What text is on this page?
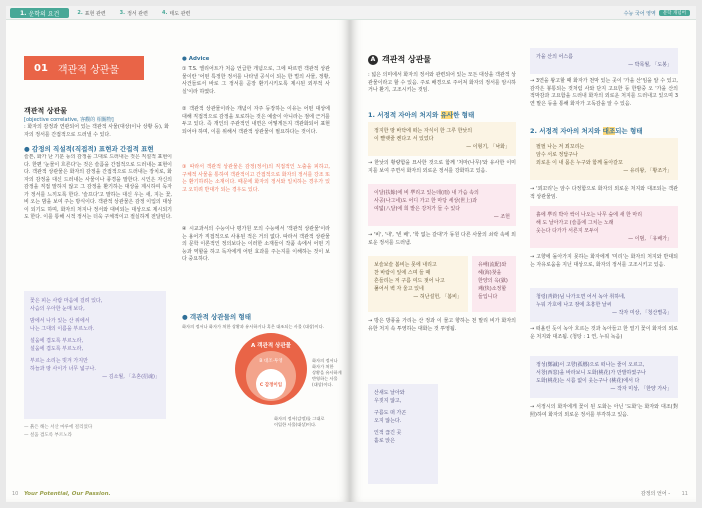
1. 운학의 요건	2. 표현 관련	3. 정서 관련	4. 태도 관련
01 객관적 상관물
객관적 상관물
[objective correlative, 客觀的 相關物]
: 화자의 감정과 연관되어 있는 객관적 사물(대상)이나 상황 등), 화자의 정서를 간접적으로 드러낼 수 있다.
● 감정의 직설적(직접적) 표현과 간접적 표현
슬픈, 화가 난 기분 등의 감정을 그대로 드러내는 것은 직설적 표현이다. 한편 '눈물이 흐른다'는 것은 슬픔을 간접적으로 드러내는 표현이다. 객관적 상관물은 화자의 감정을 간접적으로 드러내는 장치로, 화자의 감정을 대신 드러내는 사물이나 풍경을 말한다. 시인은 자신의 감정을 직접 말하지 않고 그 감정을 환기하는 대상을 제시하여 독자가 정서를 느끼도록 한다. '슬프다'고 말하는 대신 우는 새, 지는 꽃, 비 오는 밤을 보여 주는 방식이다. 객관적 상관물은 감정 이입의 대상이 되기도 하며, 화자의 처지나 정서와 대비되는 대상으로 제시되기도 한다. 이를 통해 시적 정서는 더욱 구체적이고 절실하게 전달된다.
꽃은 피는 사람 마음에 걸려 있다,
사슴의 우아한 눈매 보다,
밤에서 나가 있는 산 위에서
나는 그대의 이름을 부르노라.
설움에 겹도록 부르노라,
설움에 겹도록 부르노라,
부르는 소리는 빗겨 가지만
하늘과 땅 사이가 너무 넓구나.
— 김소월, 「초혼(招魂)」
— 붉은 해는 서산 마루에 걸리었다
— 설움 겹도록 부르노라
● Advice
① T.S. 엘리어트가 처음 언급한 개념으로, 그에 따르면 객관적 상관물이란 '어떤 특정한 정서를 나타낼 공식이 되는 한 벌의 사물, 정황, 사건들로서 바로 그 정서를 곧장 환기시키도록 제시된 외부적 사실'이라 하였다.
② 객관적 상관물이라는 개념이 자주 등장하는 이유는 어떤 대상에 대해 직접적으로 감정을 토로하는 것은 예술이 아니라는 점에 근거를 두고 있다. 즉 개인의 주관적인 내면은 어떻게든지 객관화되어 표현되어야 하며, 이를 위해서 객관적 상관물이 필요하다는 것이다.
③ 따라서 객관적 상관물은 감정(정서)의 직접적인 노출을 피하고, 구체적 사물을 통하여 객관적이고 간접적으로 화자의 정서를 강조 또는 환기하려는 소재이다. 때문에 화자의 정서와 일치하는 경우가 있고 오히려 반대가 되는 경우도 있다.
④ 시교과서의 수능이나 평가원 모의 수능에서 '객관적 상관물'이라는 용어가 직접적으로 사용된 적은 거의 없다. 따라서 객관적 상관물의 문학 이론적인 정의보다는 이러한 소재들이 작품 속에서 어떤 기능과 역할을 하고 독자에게 어떤 효과를 주는지를 이해하는 것이 보다 중요하다.
● 객관적 상관물의 형태
A 객관적 상관물
B 대조·투영
C 감정이입
화자의 정서나 화자가 처한 상황과 유사하거나 혹은 대조되는 사물 (대상)이다.
화자의 정서나
화자가 처한
상황을 유사하게
반영하는 사물
(대상)이다.
화자의 정서(감정)를 그대로
이입한 사물(대상)이다.
Your Potential, Our Passion.
10
수능 국어 영역	문학 개념어
A 객관적 상관물
: 넓은 의미에서 화자의 정서와 관련되어 있는 모든 대상을 객관적 상관물이라고 할 수 있음. 주로 배경으로 주어져 화자의 정서를 암시하거나 환기, 고조시키는 것임.
1. 서정적 자아의 처지와 유사한 형태
정지한 땅 바닥에 떠는 자식이 한 그루 한낮의
이 빨랫줄 켄다고 서 있었다
— 이형기, 「낙화」
→ 한낮의 황량함을 묘사한 것으로 함께 '처마(나무)'와 유사한 이미지를 보여 주면서 화자의 외로운 정서를 강화하고 있음.
이달(扶餘)에 비 뿌리고 있는데(雨) 내 가슴 속의
사공(나그네)도 어디 가고 한 마당 세상(世上)과
여덟(八달)에 희 밭은 강처가 들 수 있다
— 조헌
→ '비', '내', '빈 배', '학 없는 갈대'가 동원 다른 사물의 쇠락 속에 외로운 정서를 드러냄.
보슬보슬 봄비는 못에 내리고
찬 바람이 잎에 스며 들 때
흔들리는 저 구름 여드 젖어 나고
풀어서 벽 자 울고 있네
— 허난설헌, 「봄비」
유배(流配)와
헤(海)찾을
한양의 옥(獄)
쾌(快)소정할
들입니다
→ 방은 방풍을 가리는 산 정과 이 물고 향하는 천 말리 비가 화자의 유한 처지 속 투영하는 대화는 것 투영됨.
산새도 날아와
우짖지 않고,
구름도 떠 가곤
오지 않는다.
인적 끊긴 곳
홀로 앉은
가을 산의 어스름
— 박목월, 「도봉」
→ 3연을 왕고할 때 화자가 천막 있는 곳이 '가을 산'임을 알 수 있고, 감각은 봉통되는 것처럼 사와 단지 고요한 등 한밤중 오 '가을 산의 적막감과 고요함을 드러내 화자의 외로운 처지를 드러내고 있으며 3연 말은 등을 통해 화자가 고독감을 알 수 있음.
2. 서정적 자아의 처지와 대조되는 형태
펄펄 나는 저 꾀꼬리는
암수 서로 정답구나
외로운 이 내 몸은 누구와 함께 돌아갈꼬
— 유리왕, 「황조가」
→ '꾀꼬리'는 암수 다정함으로 화자의 외로운 처지와 대조되는 객관적 상관물임.
흙에 뿌리 박아 싹이 나오는 나무 숲에 새 한 마리
해 도 날아가고 (슬픔에 그치는 노래
웃는다 다가가 서른지 모두이
— 이범, 「유배가」
→ 고향에 돌아가지 못하는 화자에게 '미리'는 화자의 처지와 반대되는 자유로움을 지닌 대상으로, 화자의 정서를 고조시키고 있음.
청렁(靑鈴)님 나가오면 어서 녹아 취하네,
누워 가호에 나고 잠에 초흥한 날씨
— 작자 미상, 「청산별곡」
→ 떠올린 듯이 녹아 흐르는 것과 녹아들고 한 열기 꽃이 화자의 외로운 처지와 대조됨. (청탕 : 1 연, 누워 녹음)
정성(鄭誠)이 고향(孤鄕)으로 떠나는 줄이 오르고,
서창(西窓)을 바라보니 도화(桃花)가 만발하였구나
도화(桃花)는 시름 없이 웃는구나 (桃花)에서 다
— 작자 미상, 「한양 가사」
→ 서정시의 화자에게 꽃이 된 도화는 아닌 '도화'는 화자와 대조(對照)하여 화자의 외로운 정서를 부각하고 있음.
감정의 언어 - 11
